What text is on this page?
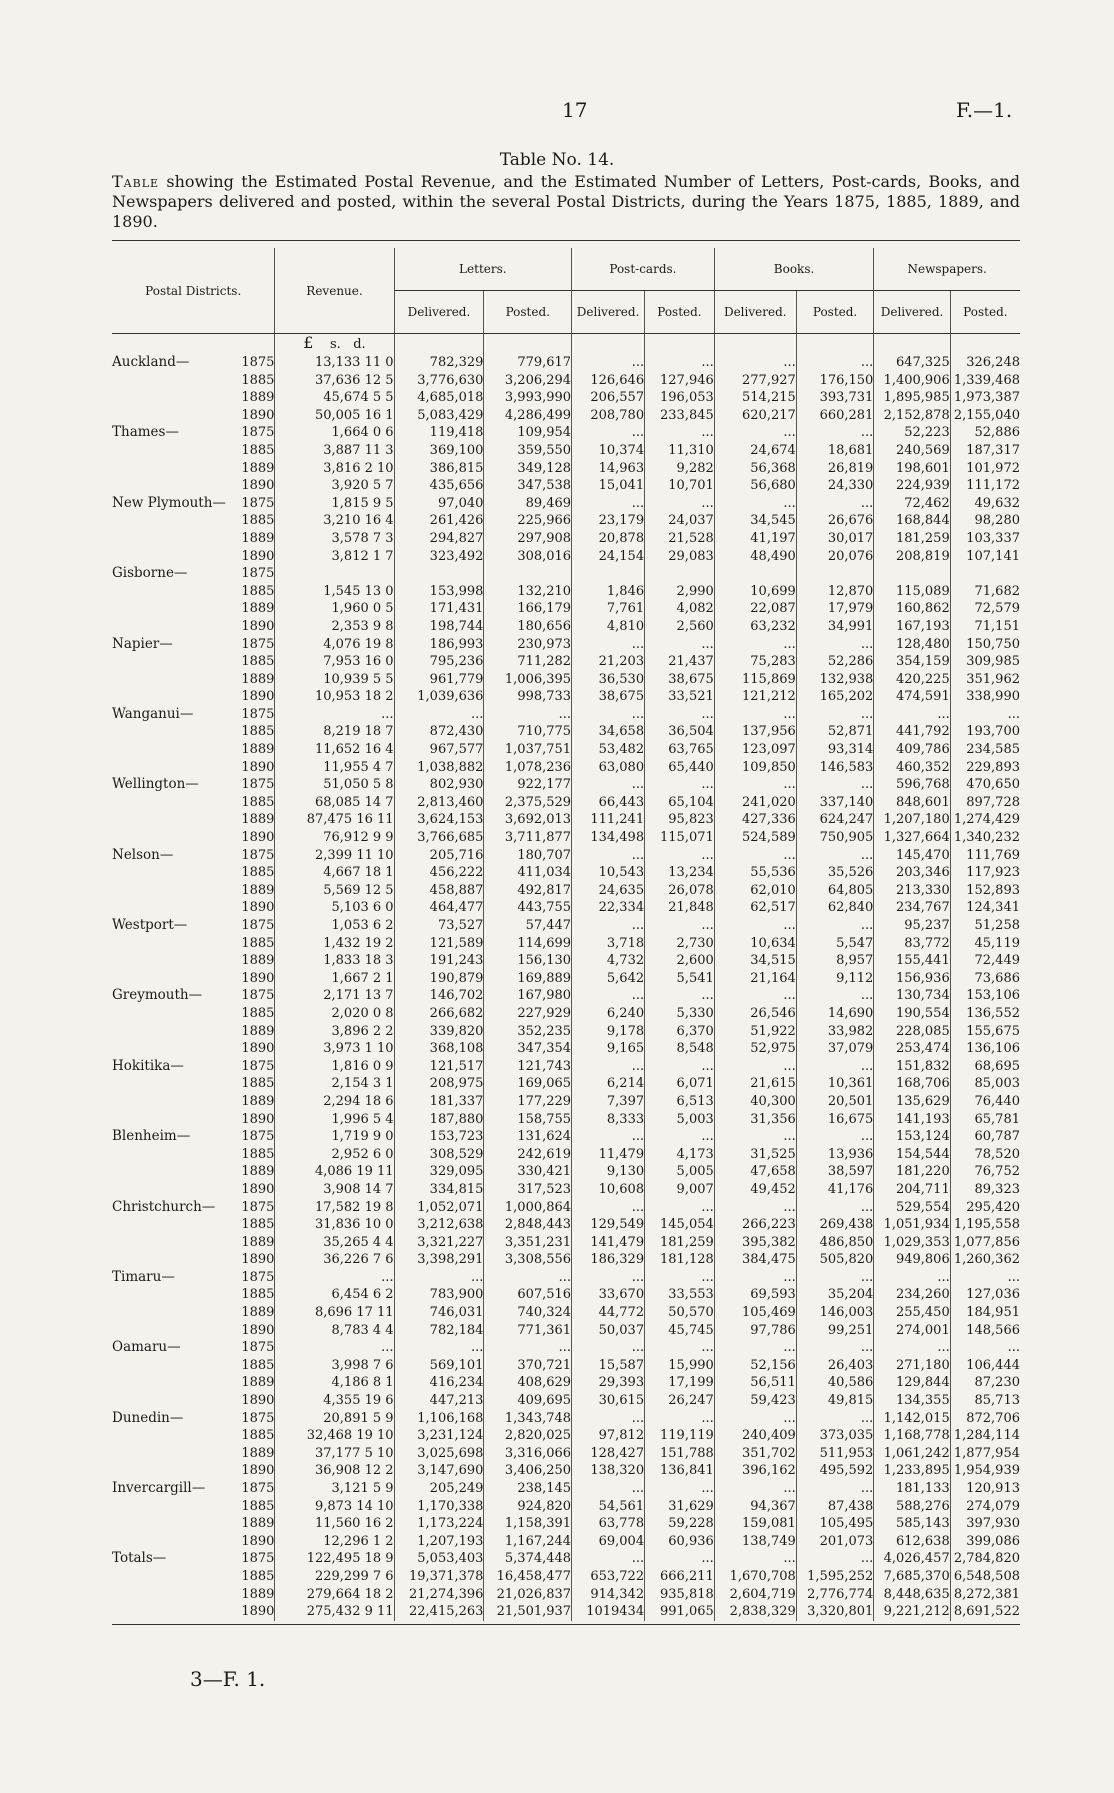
17	F.—1.
Table No. 14.
Table showing the Estimated Postal Revenue, and the Estimated Number of Letters, Post-cards, Books, and Newspapers delivered and posted, within the several Postal Districts, during the Years 1875, 1885, 1889, and 1890.
Postal Districts.		Revenue.	Letters.		Post-cards.		Books.		Newspapers.	
			Delivered.	Posted.	Delivered.	Posted.	Delivered.	Posted.	Delivered.	Posted.
		£ s. d.								
Auckland—	1875	13,133 11 0	782,329	779,617	...	...	...	...	647,325	326,248
	1885	37,636 12 5	3,776,630	3,206,294	126,646	127,946	277,927	176,150	1,400,906	1,339,468
	1889	45,674 5 5	4,685,018	3,993,990	206,557	196,053	514,215	393,731	1,895,985	1,973,387
	1890	50,005 16 1	5,083,429	4,286,499	208,780	233,845	620,217	660,281	2,152,878	2,155,040
Thames—	1875	1,664 0 6	119,418	109,954	...	...	...	...	52,223	52,886
	1885	3,887 11 3	369,100	359,550	10,374	11,310	24,674	18,681	240,569	187,317
	1889	3,816 2 10	386,815	349,128	14,963	9,282	56,368	26,819	198,601	101,972
	1890	3,920 5 7	435,656	347,538	15,041	10,701	56,680	24,330	224,939	111,172
New Plymouth—	1875	1,815 9 5	97,040	89,469	...	...	...	...	72,462	49,632
	1885	3,210 16 4	261,426	225,966	23,179	24,037	34,545	26,676	168,844	98,280
	1889	3,578 7 3	294,827	297,908	20,878	21,528	41,197	30,017	181,259	103,337
	1890	3,812 1 7	323,492	308,016	24,154	29,083	48,490	20,076	208,819	107,141
Gisborne—	1875									
	1885	1,545 13 0	153,998	132,210	1,846	2,990	10,699	12,870	115,089	71,682
	1889	1,960 0 5	171,431	166,179	7,761	4,082	22,087	17,979	160,862	72,579
	1890	2,353 9 8	198,744	180,656	4,810	2,560	63,232	34,991	167,193	71,151
Napier—	1875	4,076 19 8	186,993	230,973	...	...	...	...	128,480	150,750
	1885	7,953 16 0	795,236	711,282	21,203	21,437	75,283	52,286	354,159	309,985
	1889	10,939 5 5	961,779	1,006,395	36,530	38,675	115,869	132,938	420,225	351,962
	1890	10,953 18 2	1,039,636	998,733	38,675	33,521	121,212	165,202	474,591	338,990
Wanganui—	1875	...	...	...	...	...	...	...	...	...
	1885	8,219 18 7	872,430	710,775	34,658	36,504	137,956	52,871	441,792	193,700
	1889	11,652 16 4	967,577	1,037,751	53,482	63,765	123,097	93,314	409,786	234,585
	1890	11,955 4 7	1,038,882	1,078,236	63,080	65,440	109,850	146,583	460,352	229,893
Wellington—	1875	51,050 5 8	802,930	922,177	...	...	...	...	596,768	470,650
	1885	68,085 14 7	2,813,460	2,375,529	66,443	65,104	241,020	337,140	848,601	897,728
	1889	87,475 16 11	3,624,153	3,692,013	111,241	95,823	427,336	624,247	1,207,180	1,274,429
	1890	76,912 9 9	3,766,685	3,711,877	134,498	115,071	524,589	750,905	1,327,664	1,340,232
Nelson—	1875	2,399 11 10	205,716	180,707	...	...	...	...	145,470	111,769
	1885	4,667 18 1	456,222	411,034	10,543	13,234	55,536	35,526	203,346	117,923
	1889	5,569 12 5	458,887	492,817	24,635	26,078	62,010	64,805	213,330	152,893
	1890	5,103 6 0	464,477	443,755	22,334	21,848	62,517	62,840	234,767	124,341
Westport—	1875	1,053 6 2	73,527	57,447	...	...	...	...	95,237	51,258
	1885	1,432 19 2	121,589	114,699	3,718	2,730	10,634	5,547	83,772	45,119
	1889	1,833 18 3	191,243	156,130	4,732	2,600	34,515	8,957	155,441	72,449
	1890	1,667 2 1	190,879	169,889	5,642	5,541	21,164	9,112	156,936	73,686
Greymouth—	1875	2,171 13 7	146,702	167,980	...	...	...	...	130,734	153,106
	1885	2,020 0 8	266,682	227,929	6,240	5,330	26,546	14,690	190,554	136,552
	1889	3,896 2 2	339,820	352,235	9,178	6,370	51,922	33,982	228,085	155,675
	1890	3,973 1 10	368,108	347,354	9,165	8,548	52,975	37,079	253,474	136,106
Hokitika—	1875	1,816 0 9	121,517	121,743	...	...	...	...	151,832	68,695
	1885	2,154 3 1	208,975	169,065	6,214	6,071	21,615	10,361	168,706	85,003
	1889	2,294 18 6	181,337	177,229	7,397	6,513	40,300	20,501	135,629	76,440
	1890	1,996 5 4	187,880	158,755	8,333	5,003	31,356	16,675	141,193	65,781
Blenheim—	1875	1,719 9 0	153,723	131,624	...	...	...	...	153,124	60,787
	1885	2,952 6 0	308,529	242,619	11,479	4,173	31,525	13,936	154,544	78,520
	1889	4,086 19 11	329,095	330,421	9,130	5,005	47,658	38,597	181,220	76,752
	1890	3,908 14 7	334,815	317,523	10,608	9,007	49,452	41,176	204,711	89,323
Christchurch—	1875	17,582 19 8	1,052,071	1,000,864	...	...	...	...	529,554	295,420
	1885	31,836 10 0	3,212,638	2,848,443	129,549	145,054	266,223	269,438	1,051,934	1,195,558
	1889	35,265 4 4	3,321,227	3,351,231	141,479	181,259	395,382	486,850	1,029,353	1,077,856
	1890	36,226 7 6	3,398,291	3,308,556	186,329	181,128	384,475	505,820	949,806	1,260,362
Timaru—	1875	...	...	...	...	...	...	...	...	...
	1885	6,454 6 2	783,900	607,516	33,670	33,553	69,593	35,204	234,260	127,036
	1889	8,696 17 11	746,031	740,324	44,772	50,570	105,469	146,003	255,450	184,951
	1890	8,783 4 4	782,184	771,361	50,037	45,745	97,786	99,251	274,001	148,566
Oamaru—	1875	...	...	...	...	...	...	...	...	...
	1885	3,998 7 6	569,101	370,721	15,587	15,990	52,156	26,403	271,180	106,444
	1889	4,186 8 1	416,234	408,629	29,393	17,199	56,511	40,586	129,844	87,230
	1890	4,355 19 6	447,213	409,695	30,615	26,247	59,423	49,815	134,355	85,713
Dunedin—	1875	20,891 5 9	1,106,168	1,343,748	...	...	...	...	1,142,015	872,706
	1885	32,468 19 10	3,231,124	2,820,025	97,812	119,119	240,409	373,035	1,168,778	1,284,114
	1889	37,177 5 10	3,025,698	3,316,066	128,427	151,788	351,702	511,953	1,061,242	1,877,954
	1890	36,908 12 2	3,147,690	3,406,250	138,320	136,841	396,162	495,592	1,233,895	1,954,939
Invercargill—	1875	3,121 5 9	205,249	238,145	...	...	...	...	181,133	120,913
	1885	9,873 14 10	1,170,338	924,820	54,561	31,629	94,367	87,438	588,276	274,079
	1889	11,560 16 2	1,173,224	1,158,391	63,778	59,228	159,081	105,495	585,143	397,930
	1890	12,296 1 2	1,207,193	1,167,244	69,004	60,936	138,749	201,073	612,638	399,086
Totals—	1875	122,495 18 9	5,053,403	5,374,448	...	...	...	...	4,026,457	2,784,820
	1885	229,299 7 6	19,371,378	16,458,477	653,722	666,211	1,670,708	1,595,252	7,685,370	6,548,508
	1889	279,664 18 2	21,274,396	21,026,837	914,342	935,818	2,604,719	2,776,774	8,448,635	8,272,381
	1890	275,432 9 11	22,415,263	21,501,937	1019434	991,065	2,838,329	3,320,801	9,221,212	8,691,522
3—F. 1.
